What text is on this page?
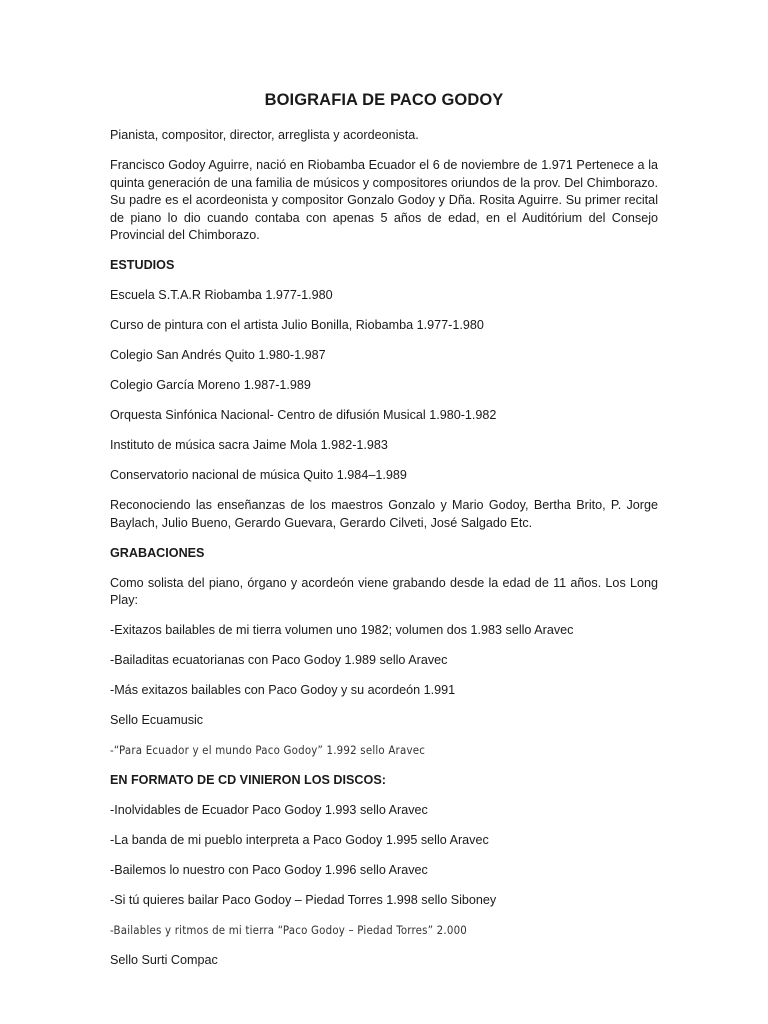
BOIGRAFIA DE PACO GODOY
Pianista, compositor, director, arreglista y acordeonista.
Francisco Godoy Aguirre, nació en Riobamba Ecuador el 6 de noviembre de 1.971 Pertenece a la quinta generación de una familia de músicos y compositores oriundos de la prov. Del Chimborazo. Su padre es el acordeonista y compositor Gonzalo Godoy y Dña. Rosita Aguirre. Su primer recital de piano lo dio cuando contaba con apenas 5 años de edad, en el Auditórium del Consejo Provincial del Chimborazo.
ESTUDIOS
Escuela S.T.A.R Riobamba 1.977-1.980
Curso de pintura con el artista Julio Bonilla, Riobamba 1.977-1.980
Colegio San Andrés Quito 1.980-1.987
Colegio García Moreno 1.987-1.989
Orquesta Sinfónica Nacional- Centro de difusión Musical 1.980-1.982
Instituto de música sacra Jaime Mola 1.982-1.983
Conservatorio nacional de música Quito 1.984–1.989
Reconociendo las enseñanzas de los maestros Gonzalo y Mario Godoy, Bertha Brito, P. Jorge Baylach, Julio Bueno, Gerardo Guevara, Gerardo Cilveti, José Salgado Etc.
GRABACIONES
Como solista del piano, órgano y acordeón viene grabando desde la edad de 11 años. Los Long Play:
-Exitazos bailables de mi tierra volumen uno 1982; volumen dos 1.983 sello Aravec
-Bailaditas ecuatorianas con Paco Godoy 1.989 sello Aravec
-Más exitazos bailables con Paco Godoy y su acordeón 1.991
Sello Ecuamusic
-“Para Ecuador y el mundo Paco Godoy” 1.992 sello Aravec
EN FORMATO DE CD VINIERON LOS DISCOS:
-Inolvidables de Ecuador Paco Godoy 1.993 sello Aravec
-La banda de mi pueblo interpreta a Paco Godoy 1.995 sello Aravec
-Bailemos lo nuestro con Paco Godoy 1.996 sello Aravec
-Si tú quieres bailar Paco Godoy – Piedad Torres 1.998 sello Siboney
-Bailables y ritmos de mi tierra “Paco Godoy – Piedad Torres” 2.000
Sello Surti Compac
